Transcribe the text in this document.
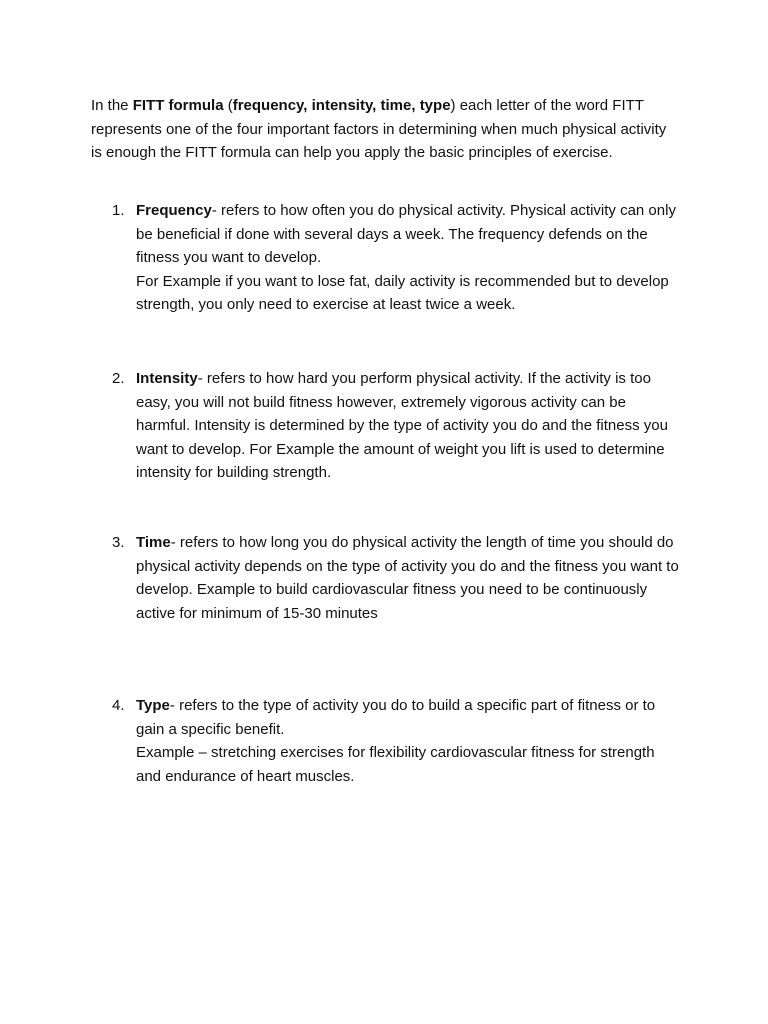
In the FITT formula (frequency, intensity, time, type) each letter of the word FITT represents one of the four important factors in determining when much physical activity is enough the FITT formula can help you apply the basic principles of exercise.

1. Frequency- refers to how often you do physical activity. Physical activity can only be beneficial if done with several days a week. The frequency defends on the fitness you want to develop.
For Example if you want to lose fat, daily activity is recommended but to develop strength, you only need to exercise at least twice a week.
2. Intensity- refers to how hard you perform physical activity. If the activity is too easy, you will not build fitness however, extremely vigorous activity can be harmful. Intensity is determined by the type of activity you do and the fitness you want to develop. For Example the amount of weight you lift is used to determine intensity for building strength.
3. Time- refers to how long you do physical activity the length of time you should do physical activity depends on the type of activity you do and the fitness you want to develop. Example to build cardiovascular fitness you need to be continuously active for minimum of 15-30 minutes
4. Type- refers to the type of activity you do to build a specific part of fitness or to gain a specific benefit.
Example – stretching exercises for flexibility cardiovascular fitness for strength and endurance of heart muscles.
